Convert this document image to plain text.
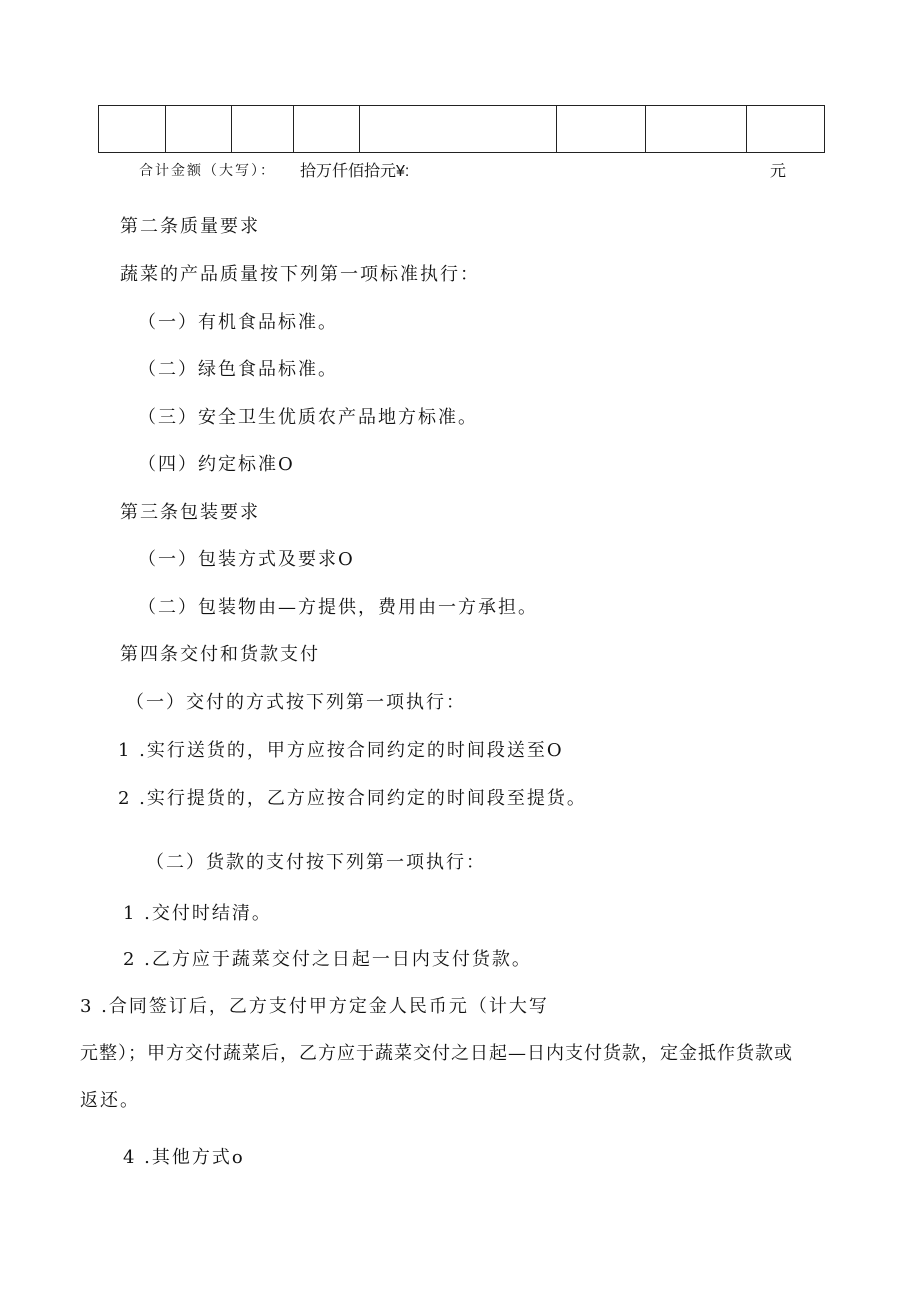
合计金额（大写）： 拾万仟佰拾元¥:	元
第二条质量要求
蔬菜的产品质量按下列第一项标准执行：
（一）有机食品标准。
（二）绿色食品标准。
（三）安全卫生优质农产品地方标准。
（四）约定标准O
第三条包装要求
（一）包装方式及要求O
（二）包装物由—方提供，费用由一方承担。
第四条交付和货款支付
（一）交付的方式按下列第一项执行：
1 .实行送货的，甲方应按合同约定的时间段送至O
2 .实行提货的，乙方应按合同约定的时间段至提货。
（二）货款的支付按下列第一项执行：
1 .交付时结清。
2 .乙方应于蔬菜交付之日起一日内支付货款。
3 .合同签订后，乙方支付甲方定金人民币元（计大写
元整）；甲方交付蔬菜后，乙方应于蔬菜交付之日起—日内支付货款，定金抵作货款或
返还。
4 .其他方式o
